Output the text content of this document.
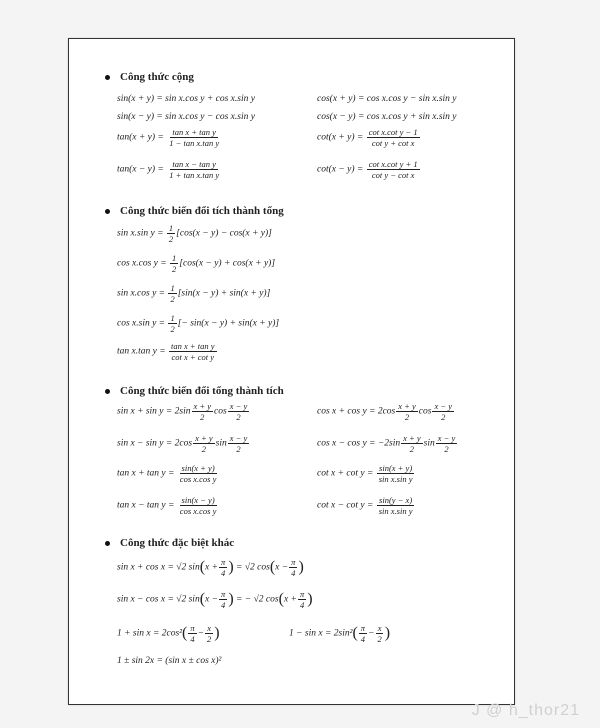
Công thức cộng
sin(x + y) = sin x.cos y + cos x.sin y	cos(x + y) = cos x.cos y − sin x.sin y
sin(x − y) = sin x.cos y − cos x.sin y	cos(x − y) = cos x.cos y + sin x.sin y
$\tan(x + y) = \frac{\text{tan x + tan y}}{\text{1 − tan x.tan y}}$	$\cot(x + y) = \frac{\text{cot x.cot y − 1}}{\text{cot y + cot x}}$
$\tan(x - y) = \frac{\text{tan x − tan y}}{\text{1 + tan x.tan y}}$	$\cot(x - y) = \frac{\text{cot x.cot y + 1}}{\text{cot y − cot x}}$
Công thức biến đổi tích thành tổng
sin x.sin $y = \frac{1}{2} [\cos(x - y) - \cos(x + y)]$
cos x.cos $y = \frac{1}{2} [\cos(x - y) + \cos(x + y)]$
sin x.cos $y = \frac{1}{2} [\sin(x - y) + \sin(x + y)]$
cos x.sin $y = \frac{1}{2}$ [− sin(x − y) + sin(x + y)]
tan x.tan $y = \frac{\text{tan x + tan y}}{\text{cot x + cot y}}$
Công thức biến đổi tổng thành tích
$\sin x + \sin y = 2\sin \frac{x + y}{2}$ $\cos \frac{x - y}{2}$	$\cos x + \cos y = 2\cos \frac{x + y}{2}$ $\cos \frac{x - y}{2}$
$\sin x - \sin y = 2\cos \frac{x + y}{2}$ $\sin \frac{x - y}{2}$	$\cos x - \cos y = -2\sin \frac{x + y}{2}$ $\sin \frac{x - y}{2}$
$\tan x + \tan y = \frac{\sin(x + y)}{\text{cos x.cos y}}$	$\cot x + \cot y = \frac{\sin(x + y)}{\text{sin x.sin y}}$
$\tan x - \tan y = \frac{\sin(x - y)}{\text{cos x.cos y}}$	$\cot x - \cot y = \frac{\sin(y - x)}{\text{sin x.sin y}}$
Công thức đặc biệt khác
sin x + cos x = √2 $\sin(x + \frac{\pi}{4}$ ) = √2 $\cos(x - \frac{\pi}{4}$ )
sin x − cos x = √2 $\sin(x - \frac{\pi}{4}$ ) = − √2 $\cos(x + \frac{\pi}{4}$ )
$1 + \sin x = 2\cos^2( \frac{\pi}{4} - \frac{x}{2}$ )	$1 - \sin x = 2\sin^2( \frac{\pi}{4} - \frac{x}{2}$ )
1 ± sin 2x = (sin x ± cos x)²
J @ h_thor21
